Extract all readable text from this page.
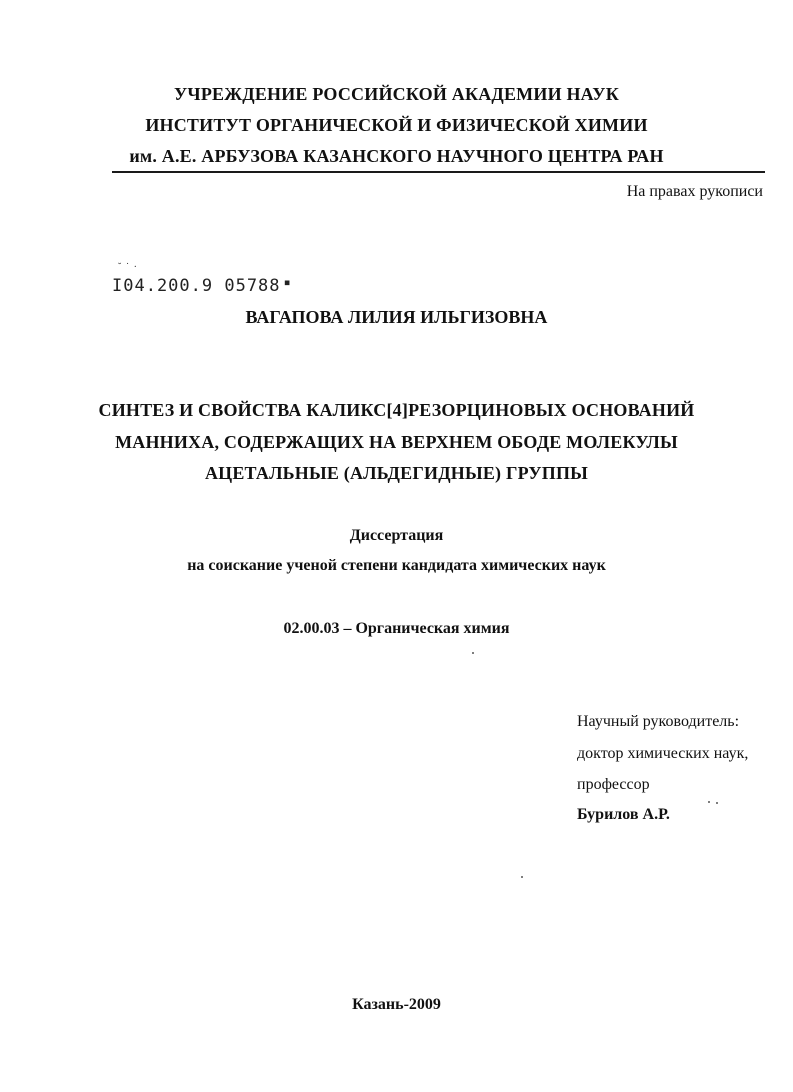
УЧРЕЖДЕНИЕ РОССИЙСКОЙ АКАДЕМИИ НАУК
ИНСТИТУТ ОРГАНИЧЕСКОЙ И ФИЗИЧЕСКОЙ ХИМИИ
им. А.Е. АРБУЗОВА КАЗАНСКОГО НАУЧНОГО ЦЕНТРА РАН
На правах рукописи
˘ ˙ ·
I04.200.9 05788 ▪
ВАГАПОВА ЛИЛИЯ ИЛЬГИЗОВНА
СИНТЕЗ И СВОЙСТВА КАЛИКС[4]РЕЗОРЦИНОВЫХ ОСНОВАНИЙ
МАННИХА, СОДЕРЖАЩИХ НА ВЕРХНЕМ ОБОДЕ МОЛЕКУЛЫ
АЦЕТАЛЬНЫЕ (АЛЬДЕГИДНЫЕ) ГРУППЫ
Диссертация
на соискание ученой степени кандидата химических наук
02.00.03 – Органическая химия
Научный руководитель:
доктор химических наук,
профессор
Бурилов А.Р.
Казань-2009
